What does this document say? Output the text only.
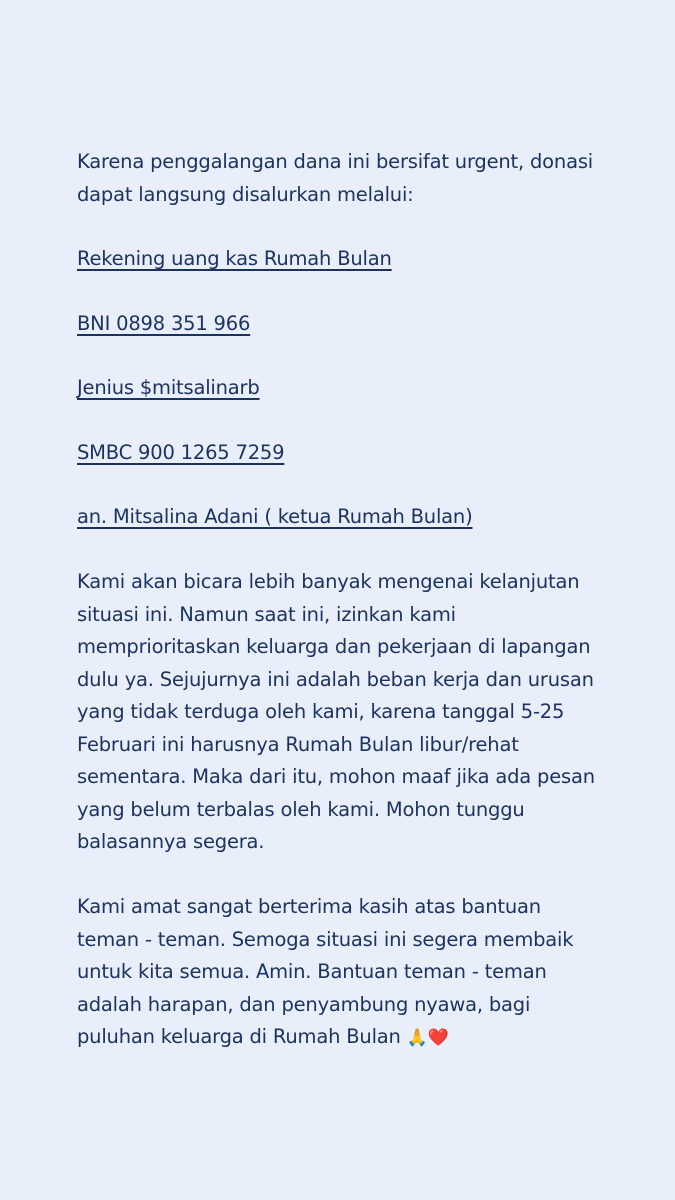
Karena penggalangan dana ini bersifat urgent, donasi dapat langsung disalurkan melalui:

Rekening uang kas Rumah Bulan
BNI 0898 351 966
Jenius $mitsalinarb
SMBC 900 1265 7259
an. Mitsalina Adani ( ketua Rumah Bulan)

Kami akan bicara lebih banyak mengenai kelanjutan situasi ini. Namun saat ini, izinkan kami memprioritaskan keluarga dan pekerjaan di lapangan dulu ya. Sejujurnya ini adalah beban kerja dan urusan yang tidak terduga oleh kami, karena tanggal 5-25 Februari ini harusnya Rumah Bulan libur/rehat sementara. Maka dari itu, mohon maaf jika ada pesan yang belum terbalas oleh kami. Mohon tunggu balasannya segera.

Kami amat sangat berterima kasih atas bantuan teman - teman. Semoga situasi ini segera membaik untuk kita semua. Amin. Bantuan teman - teman adalah harapan, dan penyambung nyawa, bagi puluhan keluarga di Rumah Bulan 🙏❤️
